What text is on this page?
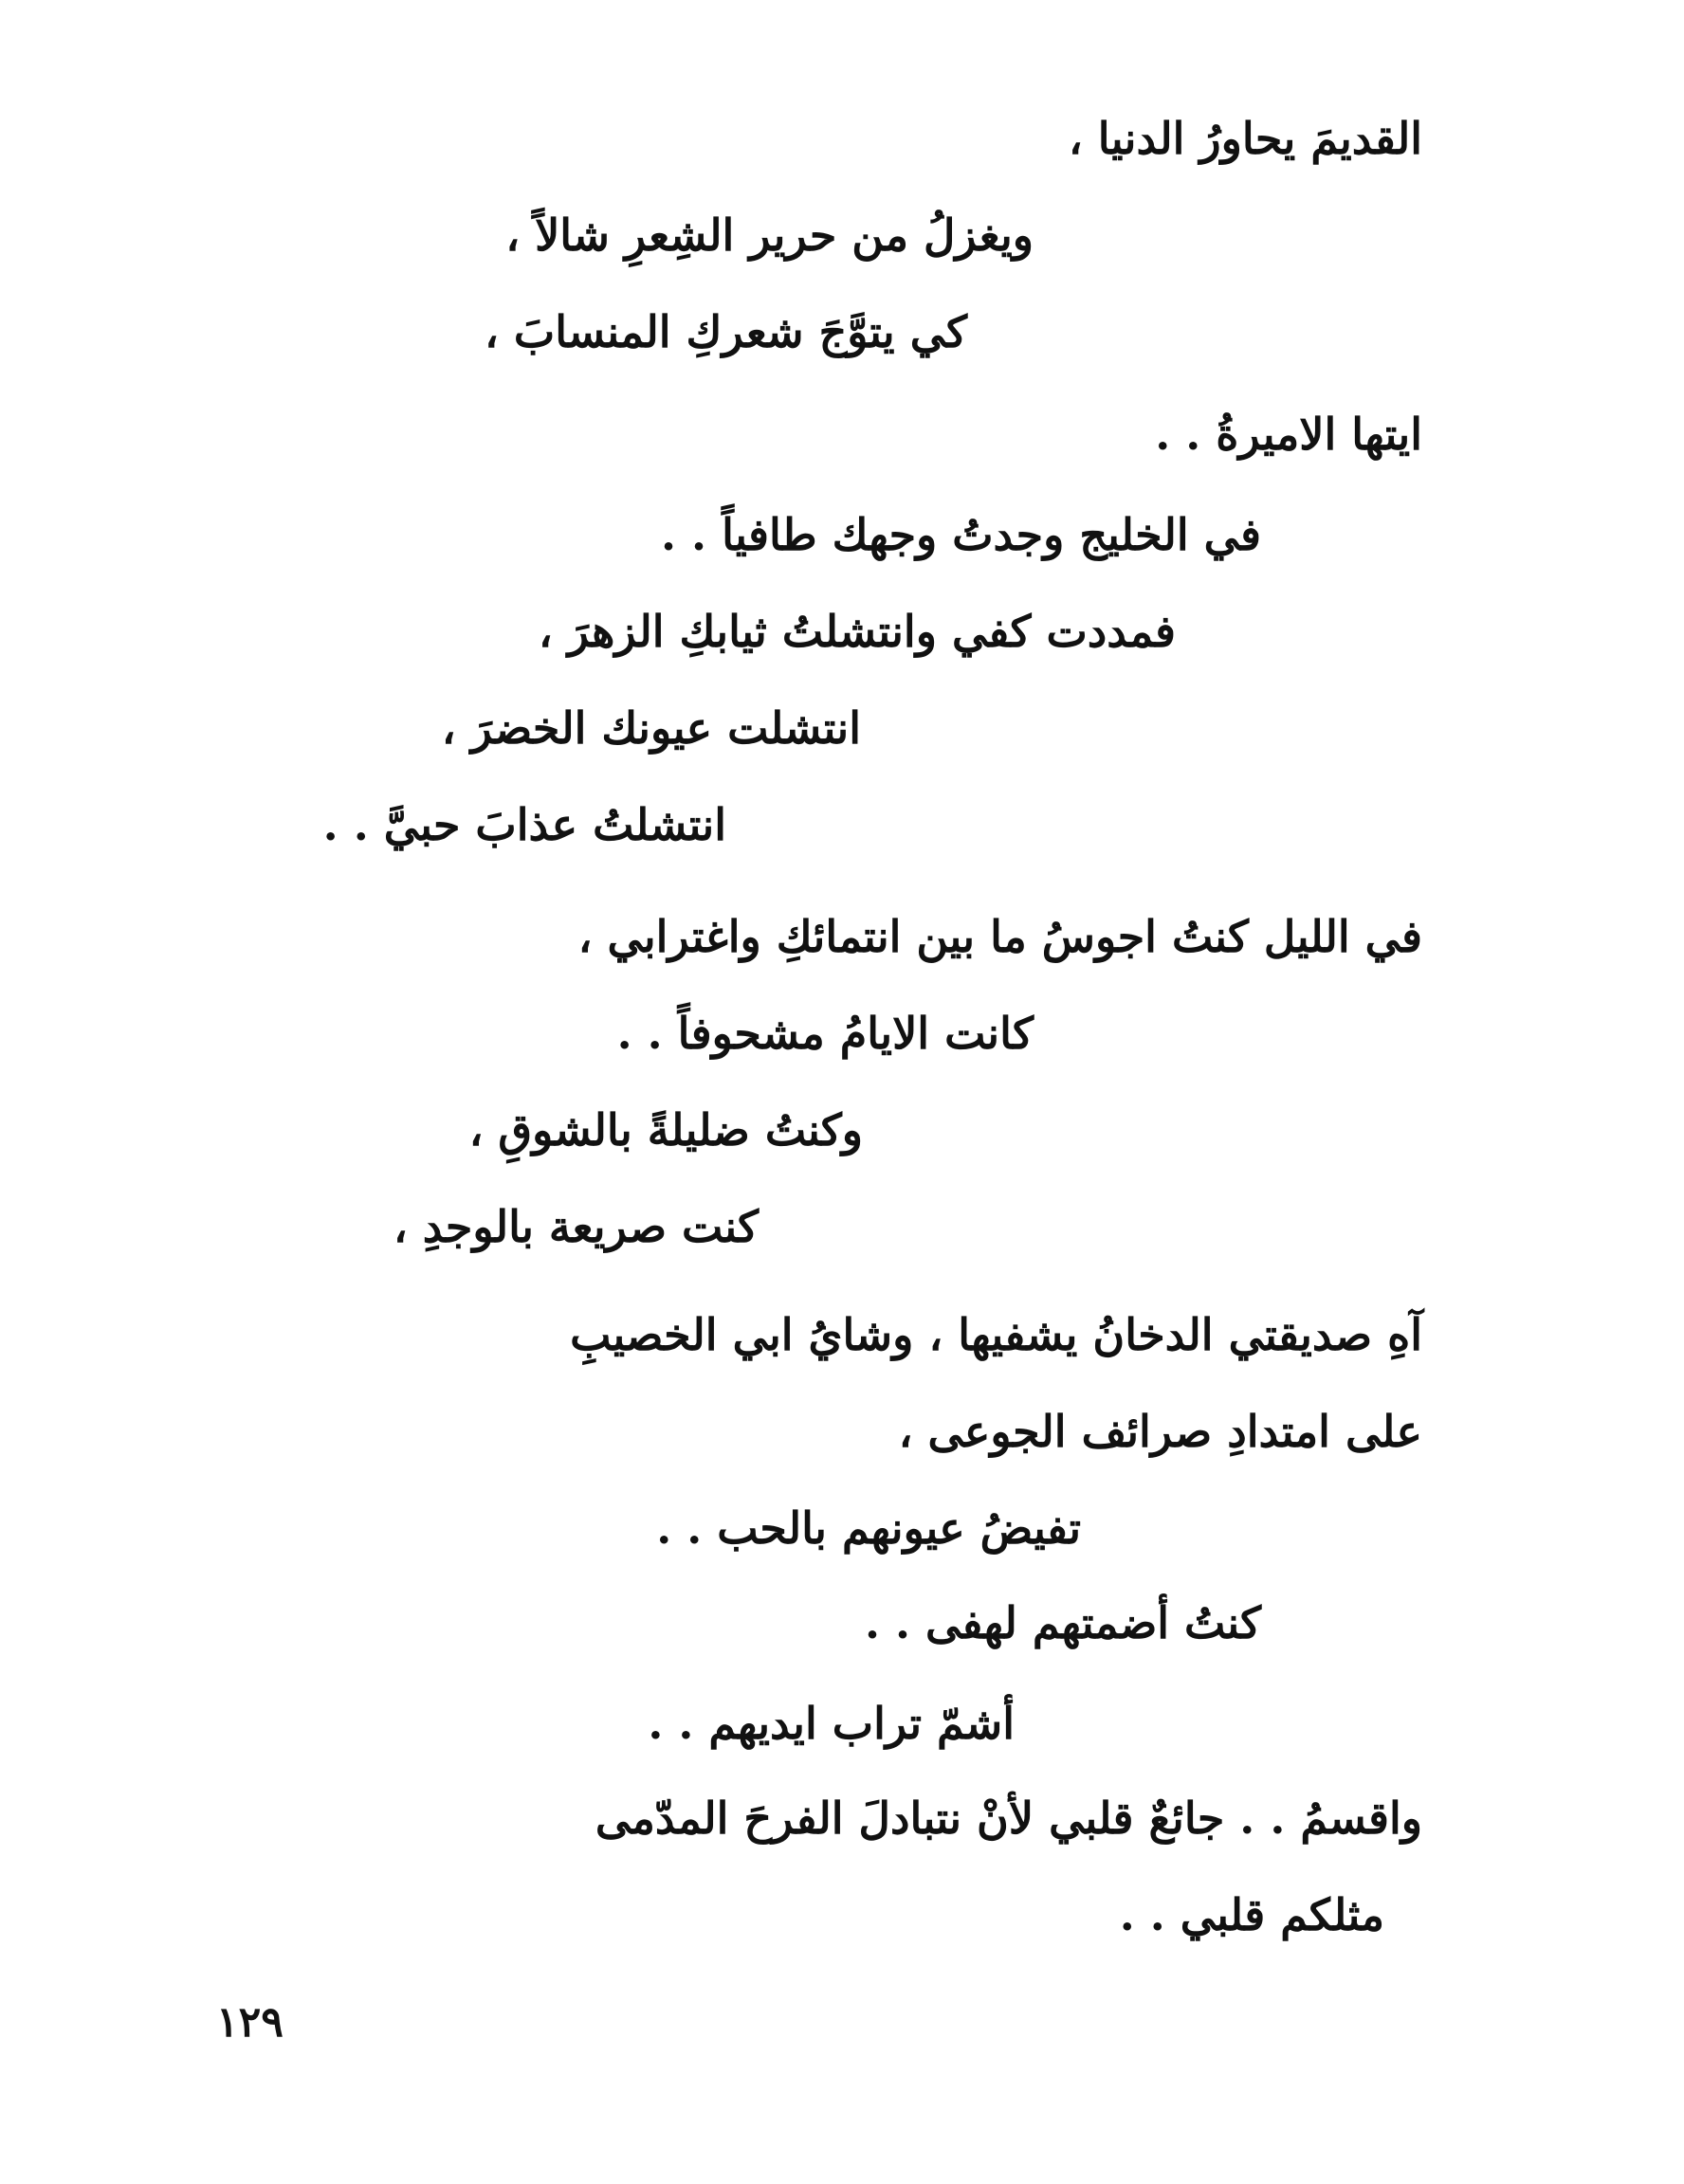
القديمَ يحاورُ الدنيا ،
ويغزلُ من حرير الشِعرِ شالاً ،
كي يتوَّجَ شعركِ المنسابَ ،
ايتها الاميرةُ . .
في الخليج وجدتُ وجهك طافياً . .
فمددت كفي وانتشلتُ ثيابكِ الزهرَ ،
انتشلت عيونك الخضرَ ،
انتشلتُ عذابَ حبيَّ . .
في الليل كنتُ اجوسُ ما بين انتمائكِ واغترابي ،
كانت الايامُ مشحوفاً . .
وكنتُ ضليلةً بالشوقِ ،
كنت صريعة بالوجدِ ،
آهِ صديقتي الدخانُ يشفيها ، وشايُ ابي الخصيبِ
على امتدادِ صرائف الجوعى ،
تفيضُ عيونهم بالحب . .
كنتُ أضمتهم لهفى . .
أشمّ تراب ايديهم . .
واقسمُ . . جائعٌ قلبي لأنْ نتبادلَ الفرحَ المدّمى
مثلكم قلبي . .
١٢٩
